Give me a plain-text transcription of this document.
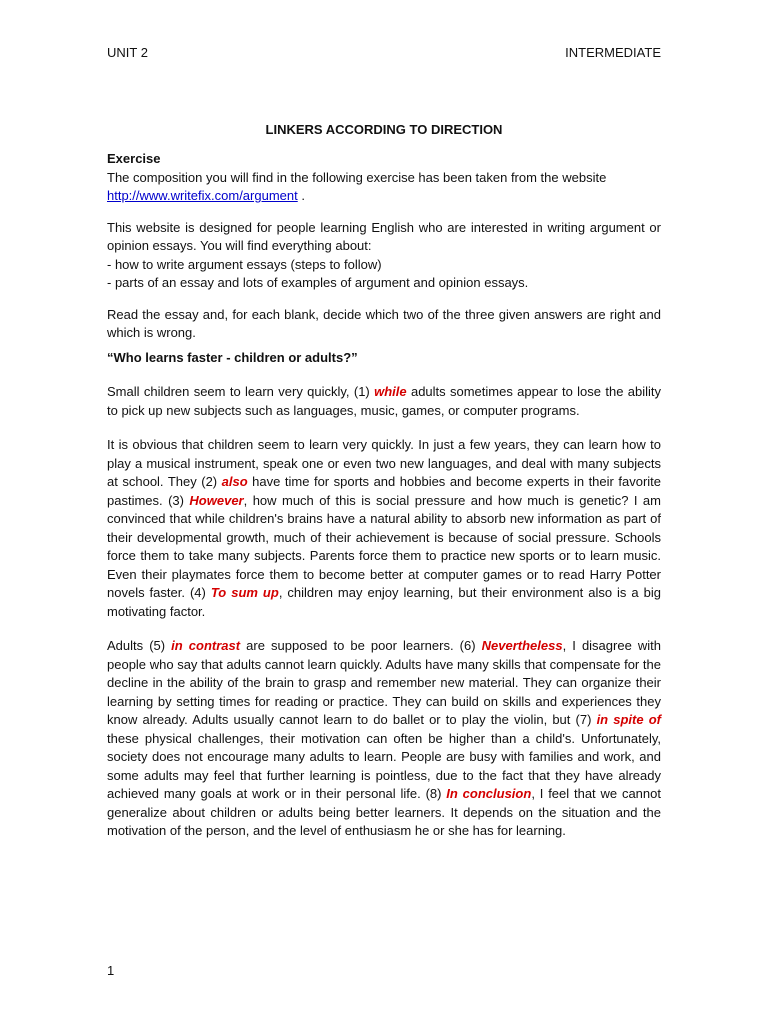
UNIT 2	INTERMEDIATE
LINKERS ACCORDING TO DIRECTION

Exercise

The composition you will find in the following exercise has been taken from the website
http://www.writefix.com/argument .

This website is designed for people learning English who are interested in writing argument or opinion essays. You will find everything about:
- how to write argument essays (steps to follow)
- parts of an essay and lots of examples of argument and opinion essays.

Read the essay and, for each blank, decide which two of the three given answers are right and which is wrong.

“Who learns faster - children or adults?”

Small children seem to learn very quickly, (1) while adults sometimes appear to lose the ability to pick up new subjects such as languages, music, games, or computer programs.

It is obvious that children seem to learn very quickly. In just a few years, they can learn how to play a musical instrument, speak one or even two new languages, and deal with many subjects at school. They (2) also have time for sports and hobbies and become experts in their favorite pastimes. (3) However, how much of this is social pressure and how much is genetic? I am convinced that while children's brains have a natural ability to absorb new information as part of their developmental growth, much of their achievement is because of social pressure. Schools force them to take many subjects. Parents force them to practice new sports or to learn music. Even their playmates force them to become better at computer games or to read Harry Potter novels faster. (4) To sum up, children may enjoy learning, but their environment also is a big motivating factor.

Adults (5) in contrast are supposed to be poor learners. (6) Nevertheless, I disagree with people who say that adults cannot learn quickly. Adults have many skills that compensate for the decline in the ability of the brain to grasp and remember new material. They can organize their learning by setting times for reading or practice. They can build on skills and experiences they know already. Adults usually cannot learn to do ballet or to play the violin, but (7) in spite of these physical challenges, their motivation can often be higher than a child's. Unfortunately, society does not encourage many adults to learn. People are busy with families and work, and some adults may feel that further learning is pointless, due to the fact that they have already achieved many goals at work or in their personal life. (8) In conclusion, I feel that we cannot generalize about children or adults being better learners. It depends on the situation and the motivation of the person, and the level of enthusiasm he or she has for learning.

1
